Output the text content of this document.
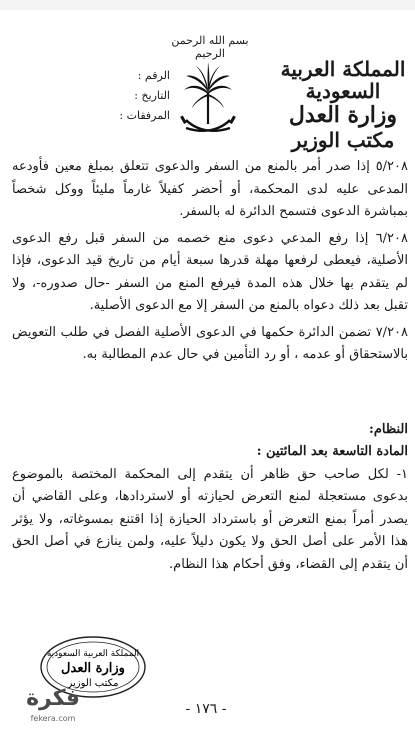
بسم الله الرحمن الرحيم
المملكة العربية السعودية
وزارة العدل
مكتب الوزير
الرقم :
التاريخ :
المرفقات :

٥/٢٠٨ إذا صدر أمر بالمنع من السفر والدعوى تتعلق بمبلغ معين فأودعه المدعى عليه لدى المحكمة، أو أحضر كفيلاً غارماً مليئاً ووكل شخصاً بمباشرة الدعوى فتسمح الدائرة له بالسفر.

٦/٢٠٨ إذا رفع المدعي دعوى منع خصمه من السفر قبل رفع الدعوى الأصلية، فيعطى لرفعها مهلة قدرها سبعة أيام من تاريخ قيد الدعوى، فإذا لم يتقدم بها خلال هذه المدة فيرفع المنع من السفر -حال صدوره-، ولا تقبل بعد ذلك دعواه بالمنع من السفر إلا مع الدعوى الأصلية.

٧/٢٠٨ تضمن الدائرة حكمها في الدعوى الأصلية الفصل في طلب التعويض بالاستحقاق أو عدمه ، أو رد التأمين في حال عدم المطالبة به.

النظام:

المادة التاسعة بعد المائتين :

١- لكل صاحب حق ظاهر أن يتقدم إلى المحكمة المختصة بالموضوع بدعوى مستعجلة لمنع التعرض لحيازته أو لاستردادها، وعلى القاضي أن يصدر أمراً بمنع التعرض أو باسترداد الحيازة إذا اقتنع بمسوغاته، ولا يؤثر هذا الأمر على أصل الحق ولا يكون دليلاً عليه، ولمن ينازع في أصل الحق أن يتقدم إلى القضاء، وفق أحكام هذا النظام.

المملكة العربية السعودية
وزارة العدل
مكتب الوزير
- ١٧٦ -
فكرة
fekera.com
